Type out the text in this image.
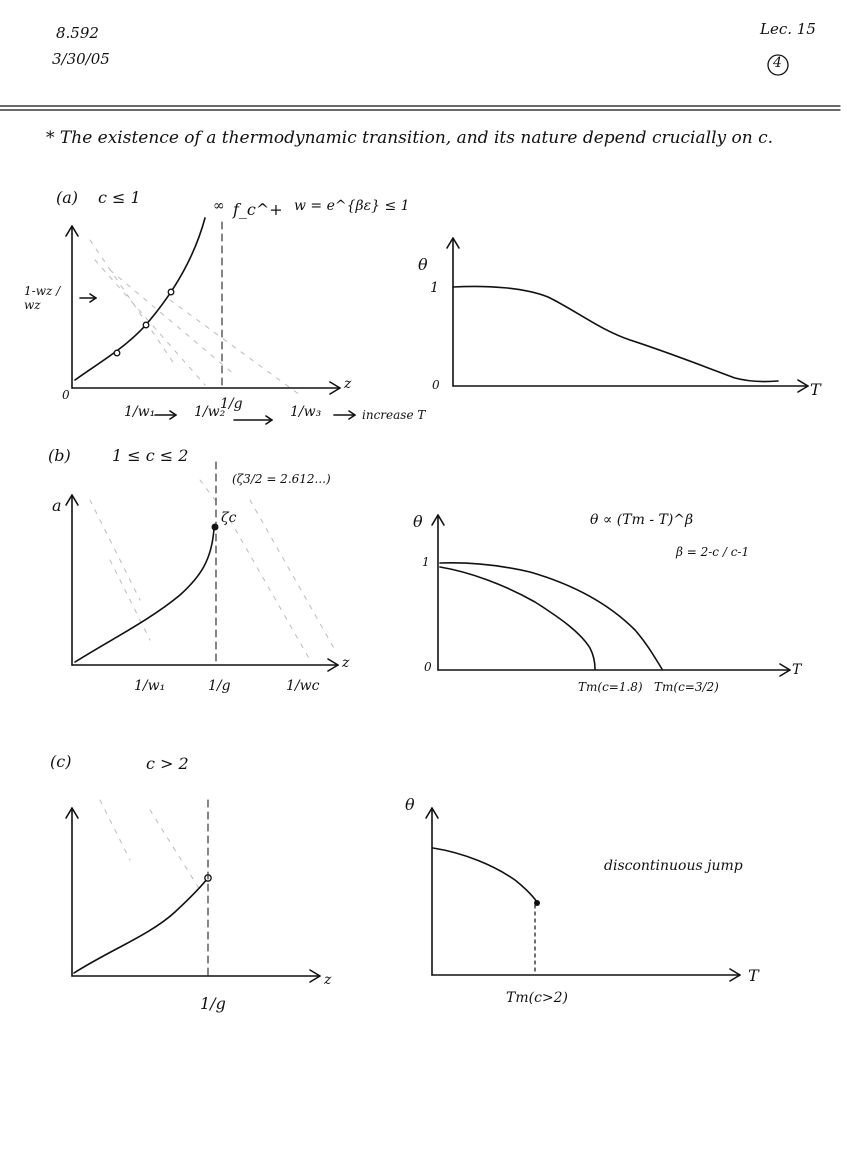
8.592
3/30/05
Lec. 15
4
* The existence of a thermodynamic transition, and its nature depend crucially on c.
(a) c ≤ 1	w = e^{βε} ≤ 1
∞ f_c^+
1-wz / wz
0
z
1/w₁	1/w₂
1/g	1/w₃	increase T
θ
1
0	T
(b)	1 ≤ c ≤ 2
(ζ3/2 = 2.612...)
a
ζc
z
1/w₁	1/g	1/wc
θ	θ ∝ (Tm - T)^β
β = 2-c / c-1
1
0	T
Tm(c=1.8) Tm(c=3/2)
(c)	c > 2
z
1/g
θ
discontinuous jump
T
Tm(c>2)
